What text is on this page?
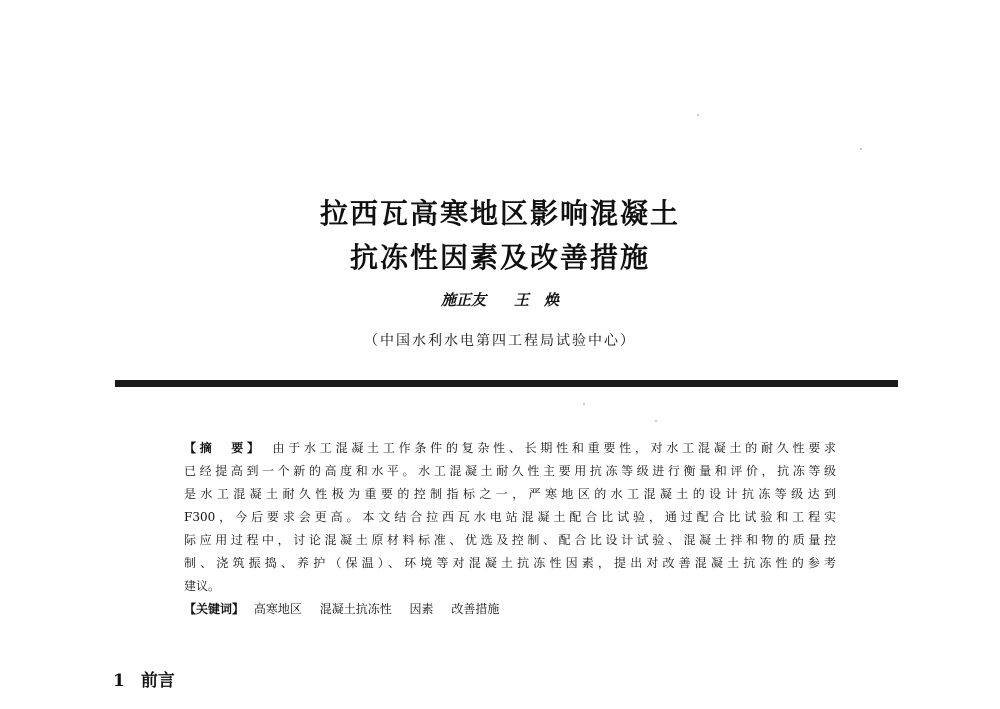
拉西瓦高寒地区影响混凝土
抗冻性因素及改善措施
施正友 王　焕
（中国水利水电第四工程局试验中心）
【摘　要】　 由于水工混凝土工作条件的复杂性、长期性和重要性，对水工混凝土的耐久性要求
已经提高到一个新的高度和水平。水工混凝土耐久性主要用抗冻等级进行衡量和评价，抗冻等级
是水工混凝土耐久性极为重要的控制指标之一，严寒地区的水工混凝土的设计抗冻等级达到
F300，今后要求会更高。本文结合拉西瓦水电站混凝土配合比试验，通过配合比试验和工程实
际应用过程中，讨论混凝土原材料标准、优选及控制、配合比设计试验、混凝土拌和物的质量控
制、浇筑振捣、养护（保温）、环境等对混凝土抗冻性因素，提出对改善混凝土抗冻性的参考
建议。
【关键词】　 高寒地区 混凝土抗冻性 因素 改善措施
1 前言
